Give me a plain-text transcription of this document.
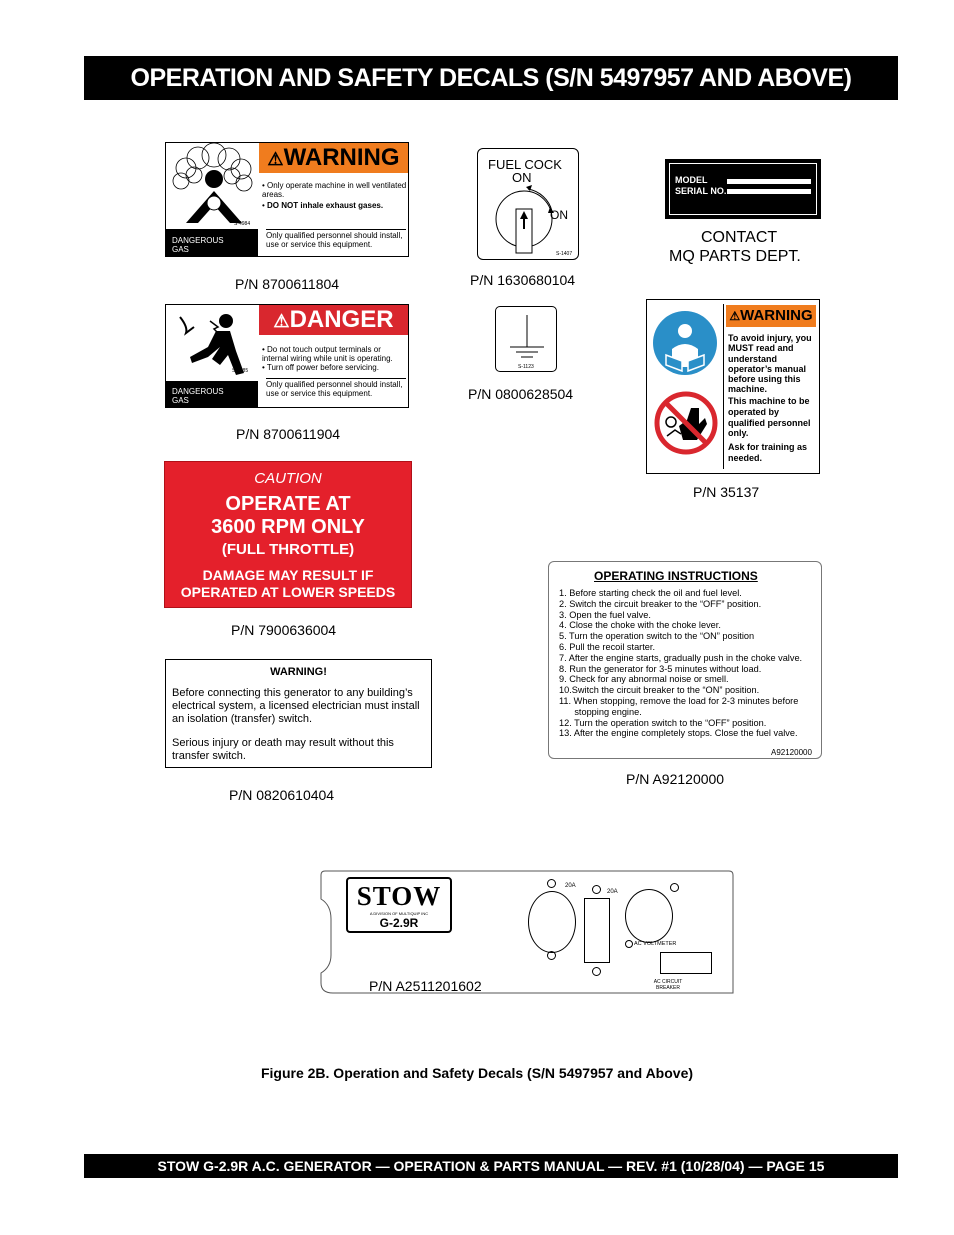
OPERATION AND SAFETY DECALS (S/N 5497957 AND ABOVE)
S-4984
⚠WARNING
• Only operate machine in well ventilated areas.
• DO NOT inhale exhaust gases.
DANGEROUS GAS
Only qualified personnel should install, use or service this equipment.
P/N 8700611804
S-4985
⚠DANGER
• Do not touch output terminals or internal wiring while unit is operating.
• Turn off power before servicing.
DANGEROUS GAS
Only qualified personnel should install, use or service this equipment.
P/N 8700611904
CAUTION
OPERATE AT
3600 RPM ONLY
(FULL THROTTLE)
DAMAGE MAY RESULT IF
OPERATED AT LOWER SPEEDS
P/N 7900636004
WARNING!
Before connecting this generator to any building’s electrical system, a licensed electrician must install an isolation (transfer) switch.
Serious injury or death may result without this transfer switch.
P/N 0820610404
FUEL COCK
ON
ON
S-1407
P/N 1630680104
S-1123
P/N 0800628504
MODEL
SERIAL NO.
CONTACT
MQ PARTS DEPT.
⚠WARNING
To avoid injury, you MUST read and understand operator’s manual before using this machine.
This machine to be operated by qualified personnel only.
Ask for training as needed.
P/N 35137
OPERATING INSTRUCTIONS
1. Before starting check the oil and fuel level.
2. Switch the circuit breaker to the “OFF” position.
3. Open the fuel valve.
4. Close the choke with the choke lever.
5. Turn the operation switch to the “ON” position
6. Pull the recoil starter.
7. After the engine starts, gradually push in the choke valve.
8. Run the generator for 3-5 minutes without load.
9. Check for any abnormal noise or smell.
10.Switch the circuit breaker to the “ON” position.
11. When stopping, remove the load for 2-3 minutes before
stopping engine.
12. Turn the operation switch to the “OFF” position.
13. After the engine completely stops. Close the fuel valve.
A92120000
P/N A92120000
STOW
A DIVISION OF MULTIQUIP INC
G-2.9R
20A
20A
AC VOLTMETER
AC CIRCUIT BREAKER
P/N A2511201602
Figure 2B. Operation and Safety Decals (S/N 5497957 and Above)
STOW G-2.9R A.C. GENERATOR — OPERATION & PARTS MANUAL — REV. #1 (10/28/04) — PAGE 15
